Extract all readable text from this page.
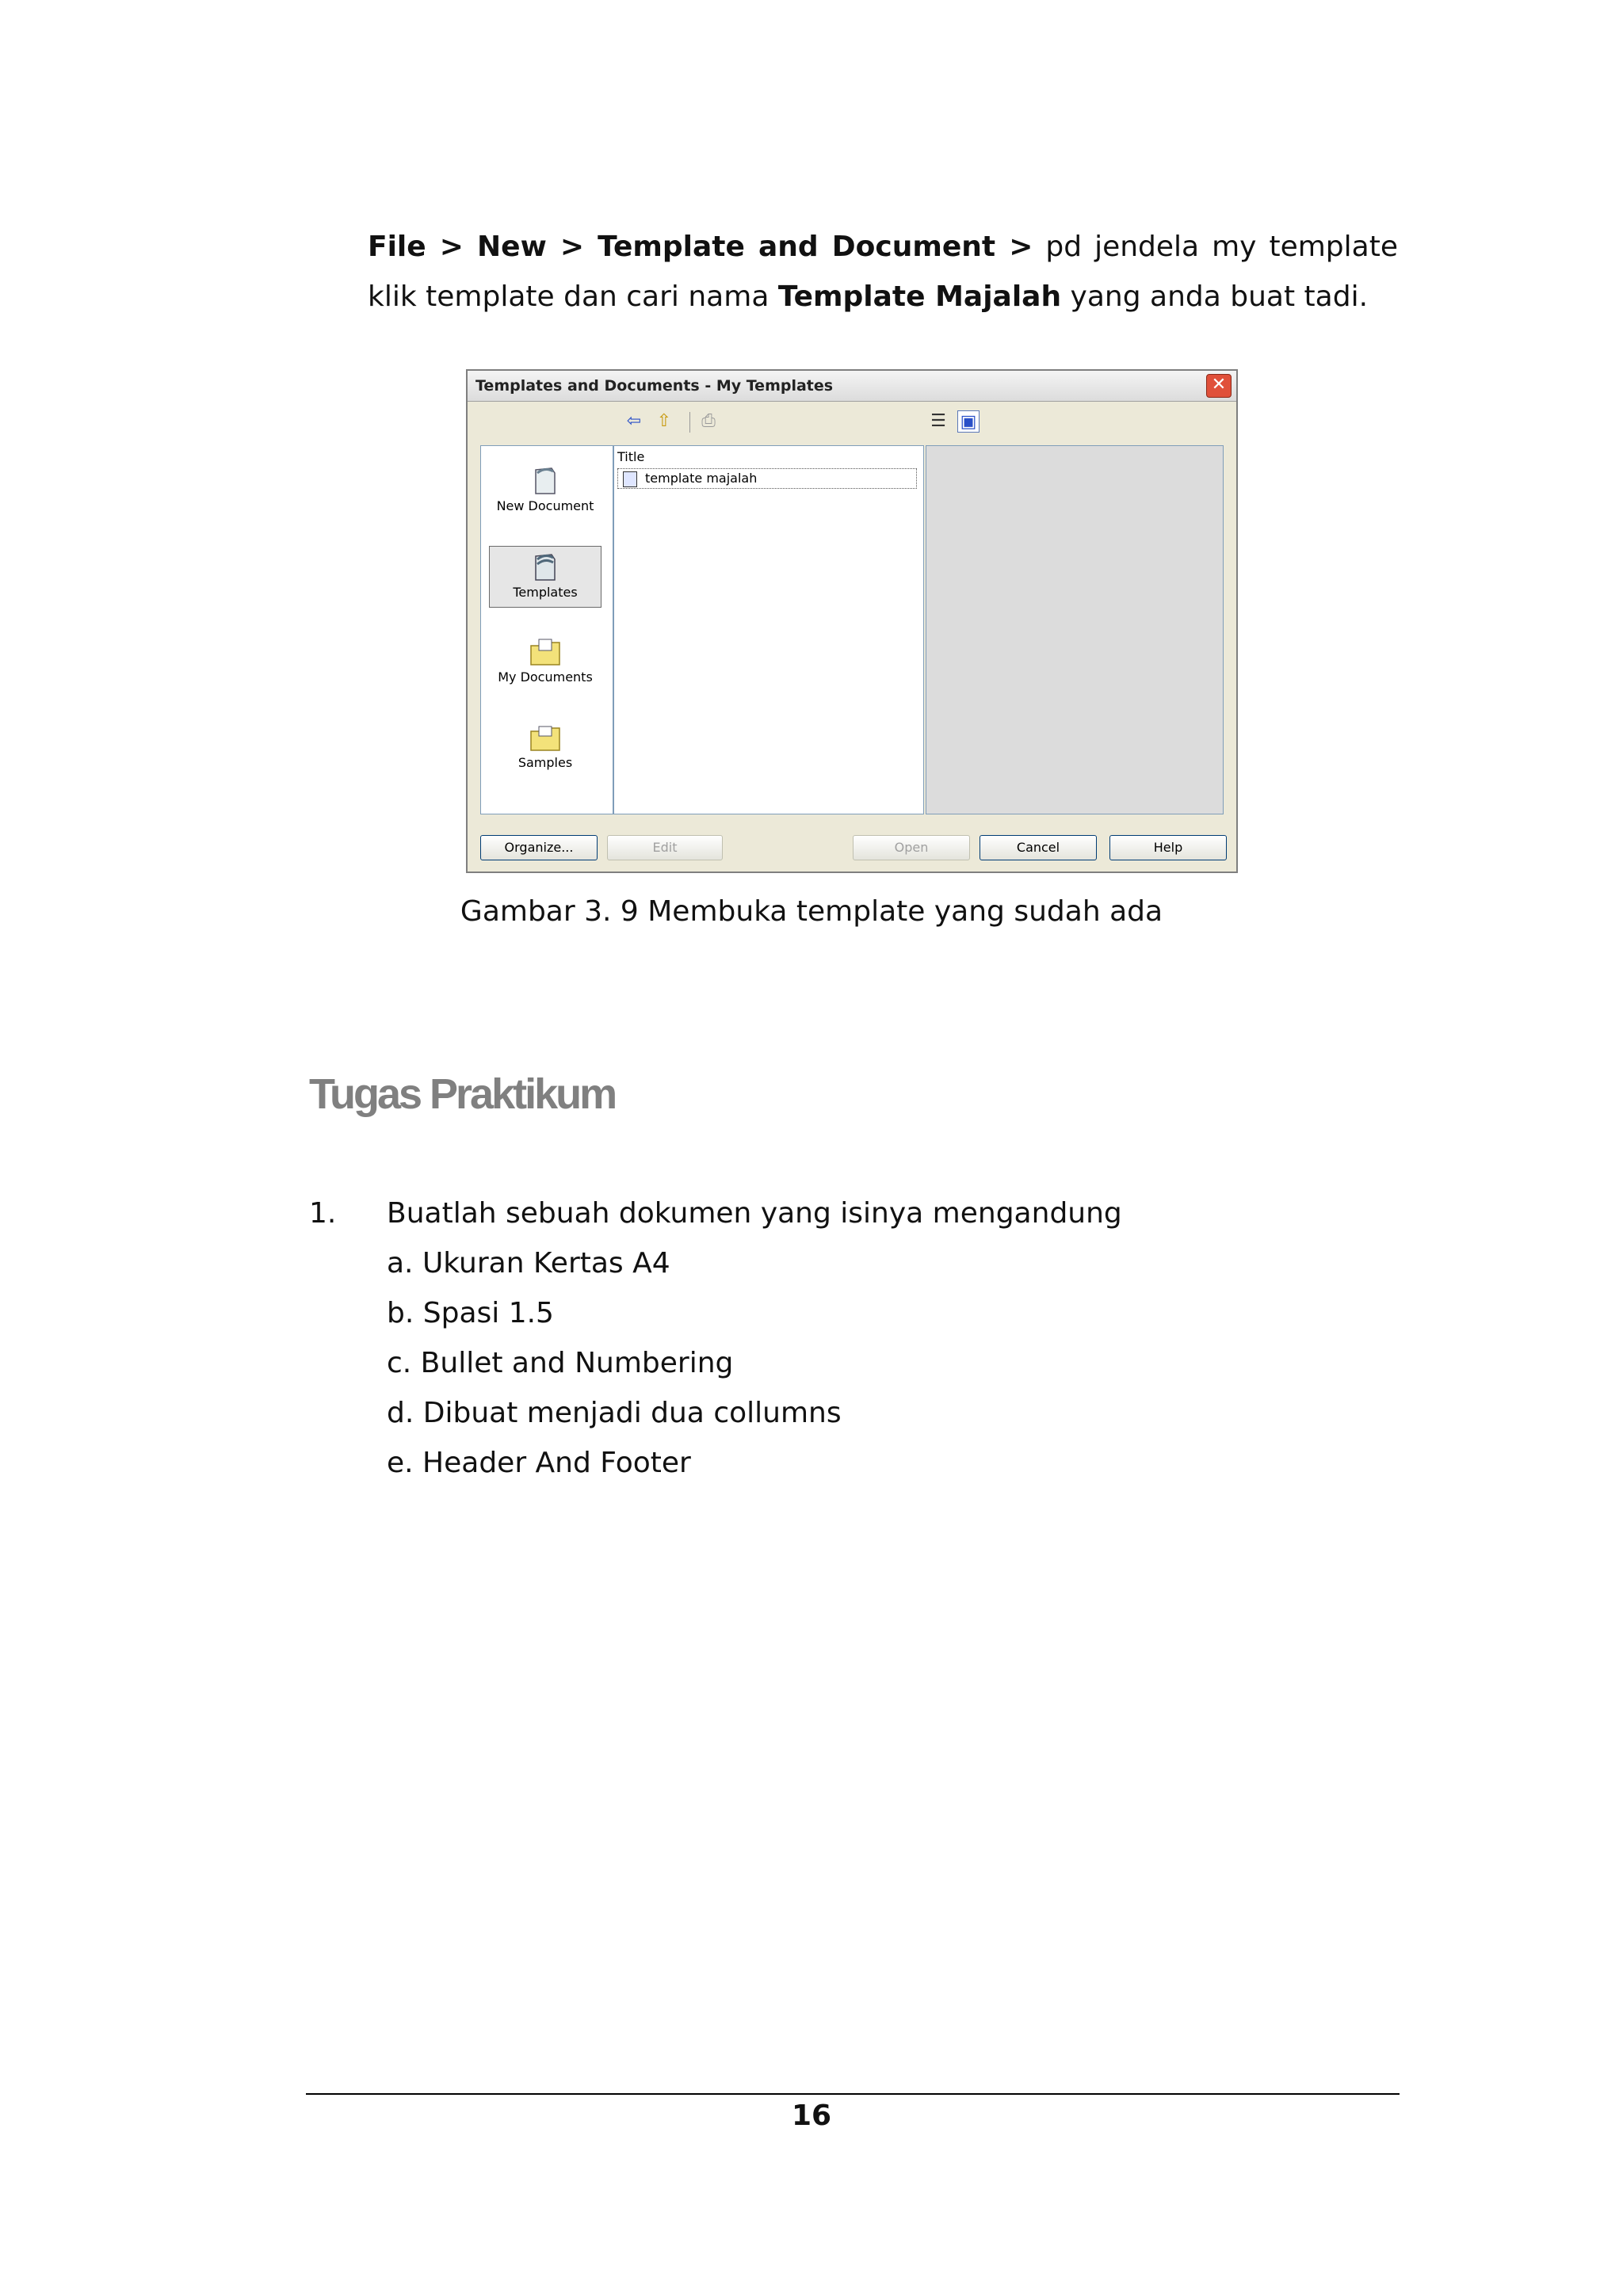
File > New > Template and Document > pd jendela my template klik template dan cari nama Template Majalah yang anda buat tadi.
Templates and Documents - My Templates	✕
⇦ ⇧ ⎙	☰ ▣
New Document
Templates
My Documents
Samples
Title
template majalah
Organize...	Edit	Open	Cancel	Help
Gambar 3. 9 Membuka template yang sudah ada
Tugas Praktikum
1. Buatlah sebuah dokumen yang isinya mengandung
a. Ukuran Kertas A4
b. Spasi 1.5
c. Bullet and Numbering
d. Dibuat menjadi dua collumns
e. Header And Footer
16
